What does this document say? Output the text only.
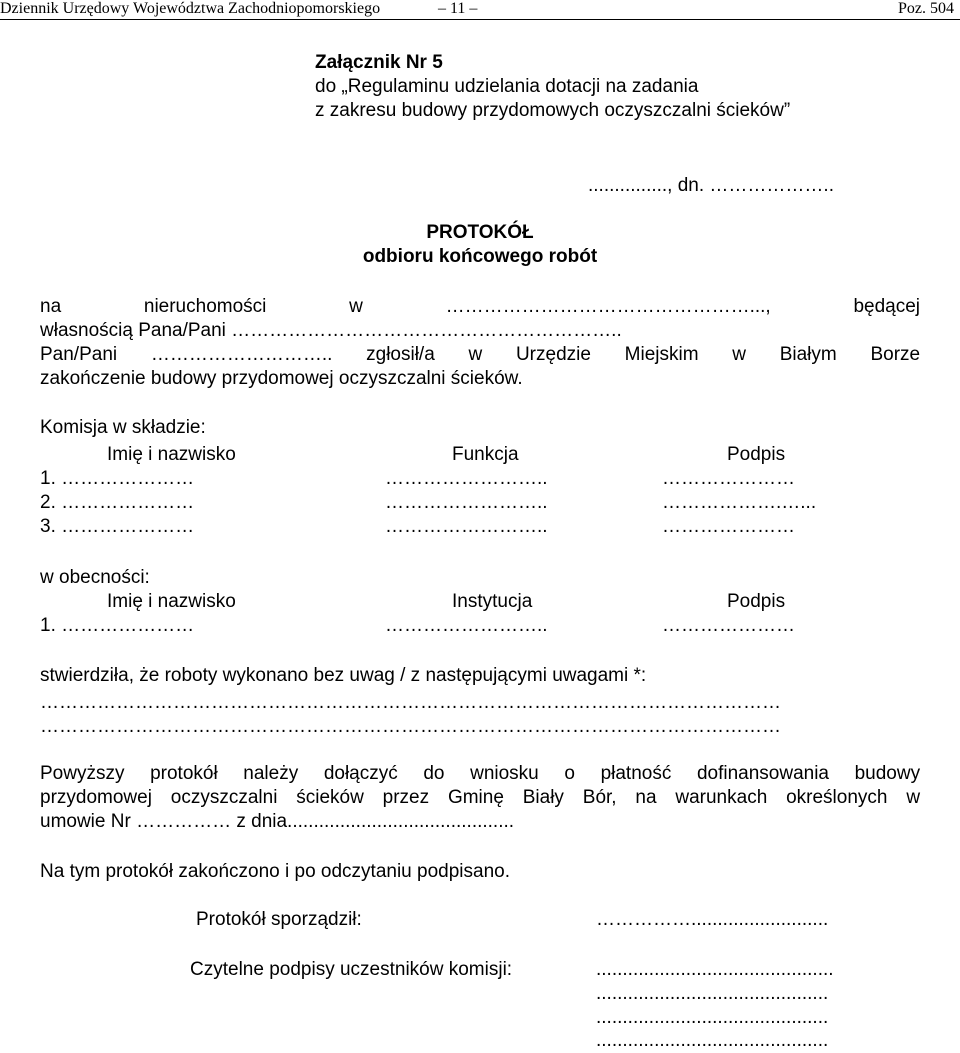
Dziennik Urzędowy Województwa Zachodniopomorskiego	– 11 –	Poz. 504
Załącznik Nr 5
do „Regulaminu udzielania dotacji na zadania
z zakresu budowy przydomowych oczyszczalni ścieków”
..............., dn. ………………..
PROTOKÓŁ
odbioru końcowego robót
na	nieruchomości	w	…………………………………………...,	będącej
własnością Pana/Pani ……………………………………………………..
Pan/Pani ……………………….. zgłosił/a w Urzędzie Miejskim w Białym Borze
zakończenie budowy przydomowej oczyszczalni ścieków.
Komisja w składzie:
Imię i nazwisko	Funkcja	Podpis
1. …………………	……………………..	…………………
2. …………………	……………………..	……………….…...
3. …………………	……………………..	…………………
w obecności:
Imię i nazwisko	Instytucja	Podpis
1. …………………	……………………..	…………………
stwierdziła, że roboty wykonano bez uwag / z następującymi uwagami *:
………………………………………………………………………………………………………
………………………………………………………………………………………………………
Powyższy protokół należy dołączyć do wniosku o płatność dofinansowania budowy
przydomowej oczyszczalni ścieków przez Gminę Biały Bór, na warunkach określonych w
umowie Nr …………… z dnia...........................................
Na tym protokół zakończono i po odczytaniu podpisano.
Protokół sporządził:	……………..........................
Czytelne podpisy uczestników komisji:	.............................................
............................................
............................................
............................................
